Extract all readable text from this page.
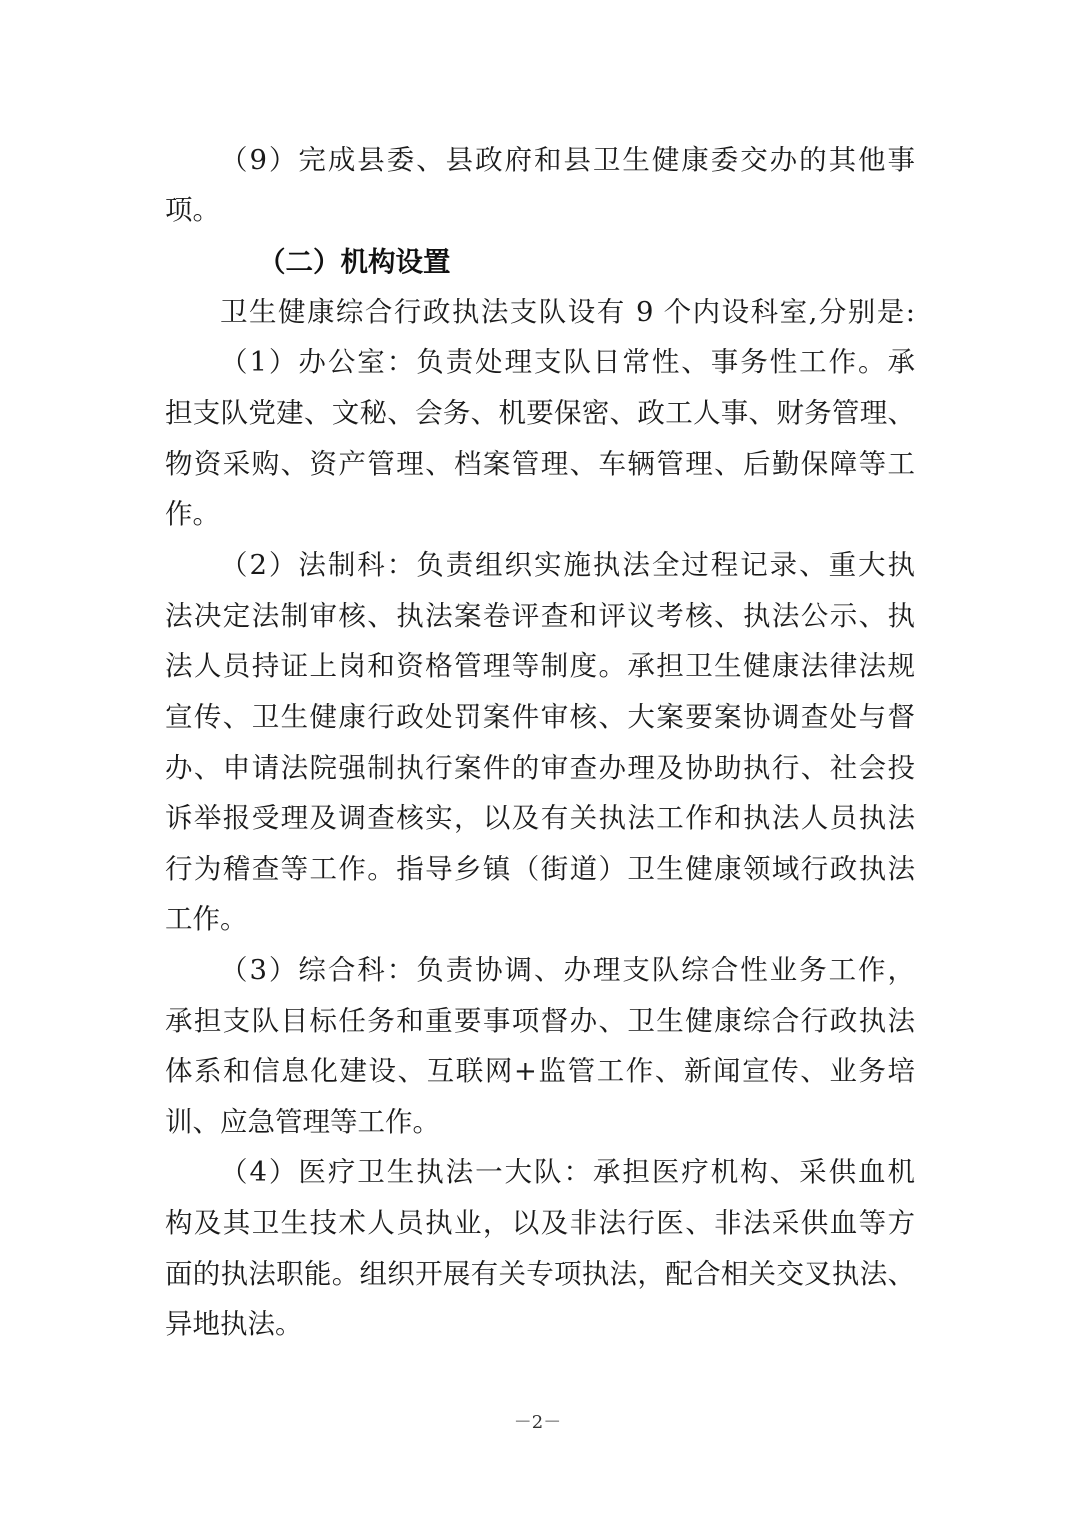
（9）完成县委、县政府和县卫生健康委交办的其他事
项。
（二）机构设置
卫生健康综合行政执法支队设有 9 个内设科室,分别是:
（1）办公室：负责处理支队日常性、事务性工作。承
担支队党建、文秘、会务、机要保密、政工人事、财务管理、
物资采购、资产管理、档案管理、车辆管理、后勤保障等工
作。
（2）法制科：负责组织实施执法全过程记录、重大执
法决定法制审核、执法案卷评查和评议考核、执法公示、执
法人员持证上岗和资格管理等制度。承担卫生健康法律法规
宣传、卫生健康行政处罚案件审核、大案要案协调查处与督
办、申请法院强制执行案件的审查办理及协助执行、社会投
诉举报受理及调查核实，以及有关执法工作和执法人员执法
行为稽查等工作。指导乡镇（街道）卫生健康领域行政执法
工作。
（3）综合科：负责协调、办理支队综合性业务工作，
承担支队目标任务和重要事项督办、卫生健康综合行政执法
体系和信息化建设、互联网+监管工作、新闻宣传、业务培
训、应急管理等工作。
（4）医疗卫生执法一大队：承担医疗机构、采供血机
构及其卫生技术人员执业，以及非法行医、非法采供血等方
面的执法职能。组织开展有关专项执法，配合相关交叉执法、
异地执法。
－2－
